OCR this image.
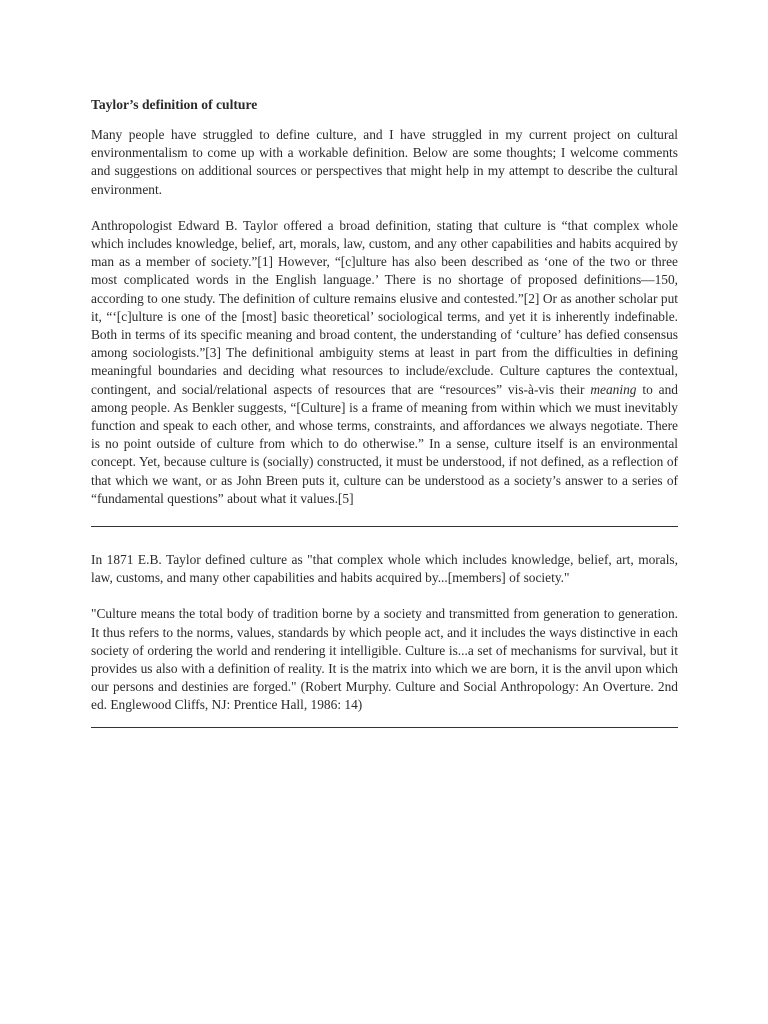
Taylor’s definition of culture

Many people have struggled to define culture, and I have struggled in my current project on cultural environmentalism to come up with a workable definition. Below are some thoughts; I welcome comments and suggestions on additional sources or perspectives that might help in my attempt to describe the cultural environment.

Anthropologist Edward B. Taylor offered a broad definition, stating that culture is “that complex whole which includes knowledge, belief, art, morals, law, custom, and any other capabilities and habits acquired by man as a member of society.”[1] However, “[c]ulture has also been described as ‘one of the two or three most complicated words in the English language.’ There is no shortage of proposed definitions—150, according to one study. The definition of culture remains elusive and contested.”[2] Or as another scholar put it, “‘[c]ulture is one of the [most] basic theoretical’ sociological terms, and yet it is inherently indefinable. Both in terms of its specific meaning and broad content, the understanding of ‘culture’ has defied consensus among sociologists.”[3] The definitional ambiguity stems at least in part from the difficulties in defining meaningful boundaries and deciding what resources to include/exclude. Culture captures the contextual, contingent, and social/relational aspects of resources that are “resources” vis-à-vis their meaning to and among people. As Benkler suggests, “[Culture] is a frame of meaning from within which we must inevitably function and speak to each other, and whose terms, constraints, and affordances we always negotiate. There is no point outside of culture from which to do otherwise.” In a sense, culture itself is an environmental concept. Yet, because culture is (socially) constructed, it must be understood, if not defined, as a reflection of that which we want, or as John Breen puts it, culture can be understood as a society’s answer to a series of “fundamental questions” about what it values.[5]

In 1871 E.B. Taylor defined culture as "that complex whole which includes knowledge, belief, art, morals, law, customs, and many other capabilities and habits acquired by...[members] of society."

"Culture means the total body of tradition borne by a society and transmitted from generation to generation. It thus refers to the norms, values, standards by which people act, and it includes the ways distinctive in each society of ordering the world and rendering it intelligible. Culture is...a set of mechanisms for survival, but it provides us also with a definition of reality. It is the matrix into which we are born, it is the anvil upon which our persons and destinies are forged." (Robert Murphy. Culture and Social Anthropology: An Overture. 2nd ed. Englewood Cliffs, NJ: Prentice Hall, 1986: 14)
